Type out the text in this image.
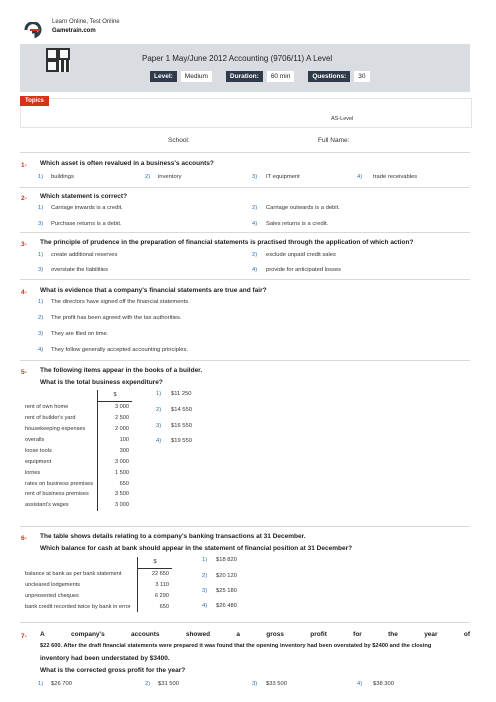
Learn Online, Test Online
Gametrain.com
Paper 1 May/June 2012 Accounting (9706/11) A Level
Level:	Medium	Duration:	60 min	Questions:	30
Topics
AS-Level
School:	Full Name:
1- Which asset is often revalued in a business's accounts?
1) buildings	2) inventory	3) IT equipment	4) trade receivables
2- Which statement is correct?
1) Carriage inwards is a credit.	2) Carriage outwards is a debit.
3) Purchase returns is a debit.	4) Sales returns is a credit.
3- The principle of prudence in the preparation of financial statements is practised through the application of which action?
1) create additional reserves	2) exclude unpaid credit sales
3) overstate the liabilities	4) provide for anticipated losses
4- What is evidence that a company's financial statements are true and fair?
1) The directors have signed off the financial statements.
2) The profit has been agreed with the tax authorities.
3) They are filed on time.
4) They follow generally accepted accounting principles.
5- The following items appear in the books of a builder.
What is the total business expenditure?
	$
rent of own home	3 000
rent of builder's yard	2 500
housekeeping expenses	2 000
overalls	100
loose tools	300
equipment	3 000
lorries	1 500
rates on business premises	650
rent of business premises	3 500
assistant's wages	3 000
1) $11 250
2) $14 550
3) $16 550
4) $19 550
6- The table shows details relating to a company's banking transactions at 31 December.
Which balance for cash at bank should appear in the statement of financial position at 31 December?
	$
balance at bank as per bank statement	22 650
uncleared lodgements	3 110
unpresented cheques	6 290
bank credit recorded twice by bank in error	650
1) $18 820
2) $20 120
3) $25 180
4) $26 480
7- A	company's	accounts	showed	a	gross	profit	for	the	year	of
$22 600. After the draft financial statements were prepared it was found that the opening inventory had been overstated by $2400 and the closing
inventory had been understated by $3400.
What is the corrected gross profit for the year?
1) $26 700	2) $31 500	3) $33 500	4) $38 300
